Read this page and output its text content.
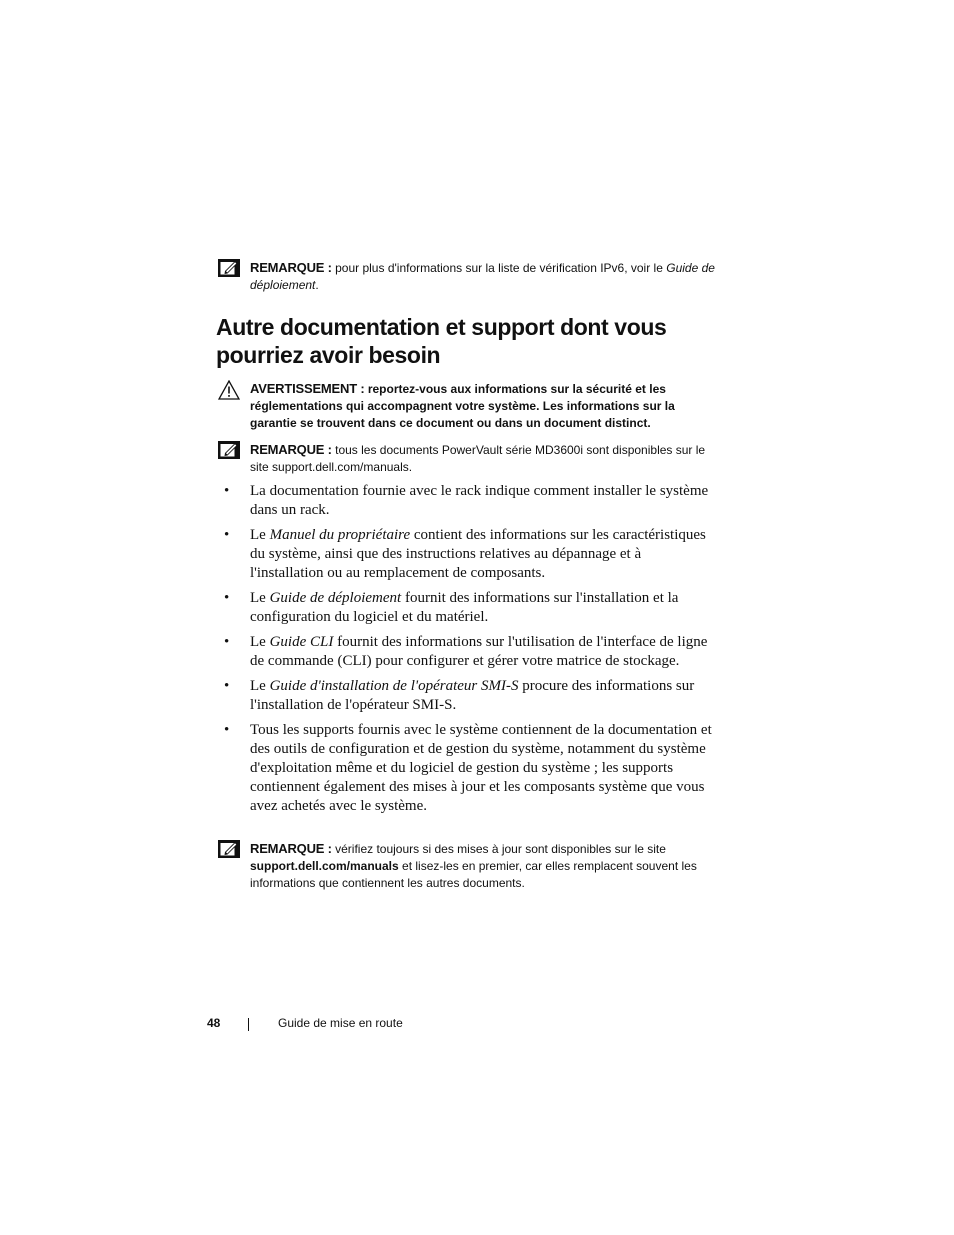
REMARQUE : pour plus d'informations sur la liste de vérification IPv6, voir le Guide de déploiement.
Autre documentation et support dont vous pourriez avoir besoin
AVERTISSEMENT : reportez-vous aux informations sur la sécurité et les réglementations qui accompagnent votre système. Les informations sur la garantie se trouvent dans ce document ou dans un document distinct.
REMARQUE : tous les documents PowerVault série MD3600i sont disponibles sur le site support.dell.com/manuals.
• La documentation fournie avec le rack indique comment installer le système dans un rack.
• Le Manuel du propriétaire contient des informations sur les caractéristiques du système, ainsi que des instructions relatives au dépannage et à l'installation ou au remplacement de composants.
• Le Guide de déploiement fournit des informations sur l'installation et la configuration du logiciel et du matériel.
• Le Guide CLI fournit des informations sur l'utilisation de l'interface de ligne de commande (CLI) pour configurer et gérer votre matrice de stockage.
• Le Guide d'installation de l'opérateur SMI-S procure des informations sur l'installation de l'opérateur SMI-S.
• Tous les supports fournis avec le système contiennent de la documentation et des outils de configuration et de gestion du système, notamment du système d'exploitation même et du logiciel de gestion du système ; les supports contiennent également des mises à jour et les composants système que vous avez achetés avec le système.
REMARQUE : vérifiez toujours si des mises à jour sont disponibles sur le site support.dell.com/manuals et lisez-les en premier, car elles remplacent souvent les informations que contiennent les autres documents.
48	Guide de mise en route
